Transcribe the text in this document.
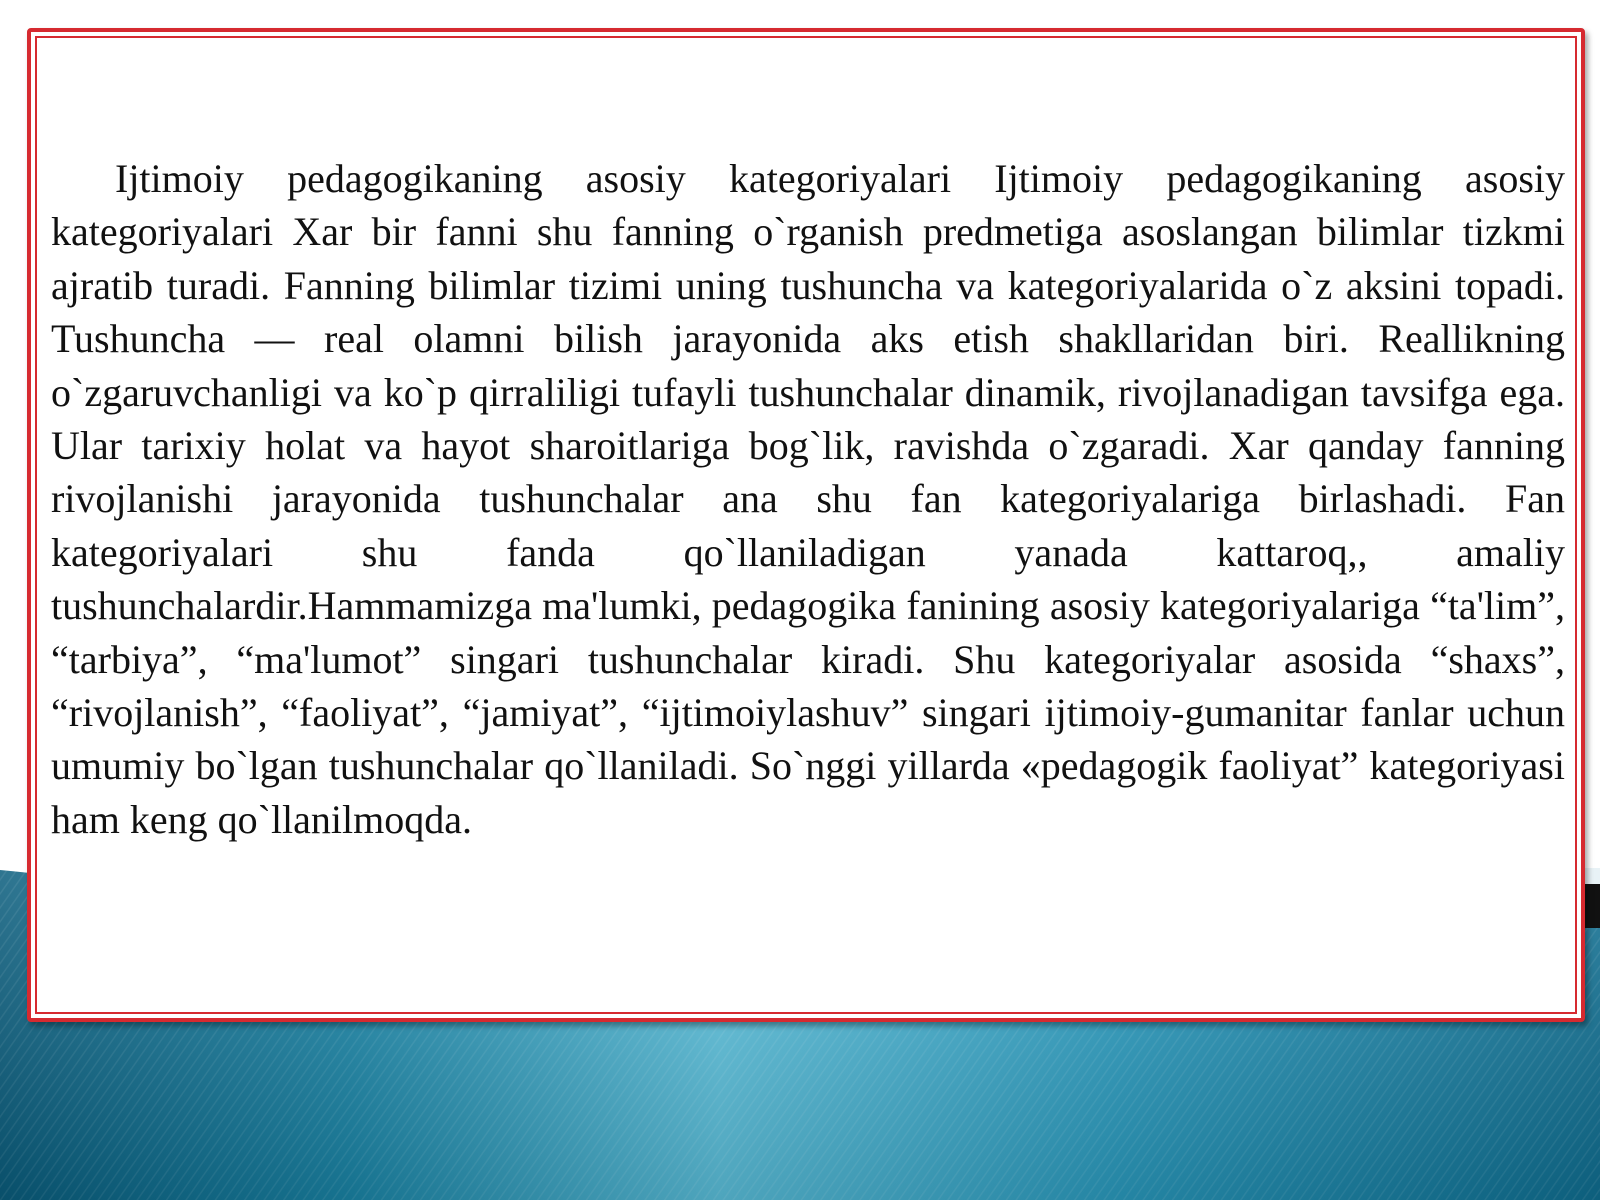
Ijtimoiy pedagogikaning asosiy kategoriyalari Ijtimoiy pedagogikaning asosiy kategoriyalari Xar bir fanni shu fanning o`rganish predmetiga asoslangan bilimlar tizkmi ajratib turadi. Fanning bilimlar tizimi uning tushuncha va kategoriyalarida o`z aksini topadi. Tushuncha — real olamni bilish jarayonida aks etish shakllaridan biri. Reallikning o`zgaruvchanligi va ko`p qirraliligi tufayli tushunchalar dinamik, rivojlanadigan tavsifga ega. Ular tarixiy holat va hayot sharoitlariga bog`lik, ravishda o`zgaradi. Xar qanday fanning rivojlanishi jarayonida tushunchalar ana shu fan kategoriyalariga birlashadi. Fan kategoriyalari shu fanda qo`llaniladigan yanada kattaroq,, amaliy tushunchalardir.Hammamizga ma'lumki, pedagogika fanining asosiy kategoriyalariga “ta'lim”, “tarbiya”, “ma'lumot” singari tushunchalar kiradi. Shu kategoriyalar asosida “shaxs”, “rivojlanish”, “faoliyat”, “jamiyat”, “ijtimoiylashuv” singari ijtimoiy-gumanitar fanlar uchun umumiy bo`lgan tushunchalar qo`llaniladi. So`nggi yillarda «pedagogik faoliyat” kategoriyasi ham keng qo`llanilmoqda.
